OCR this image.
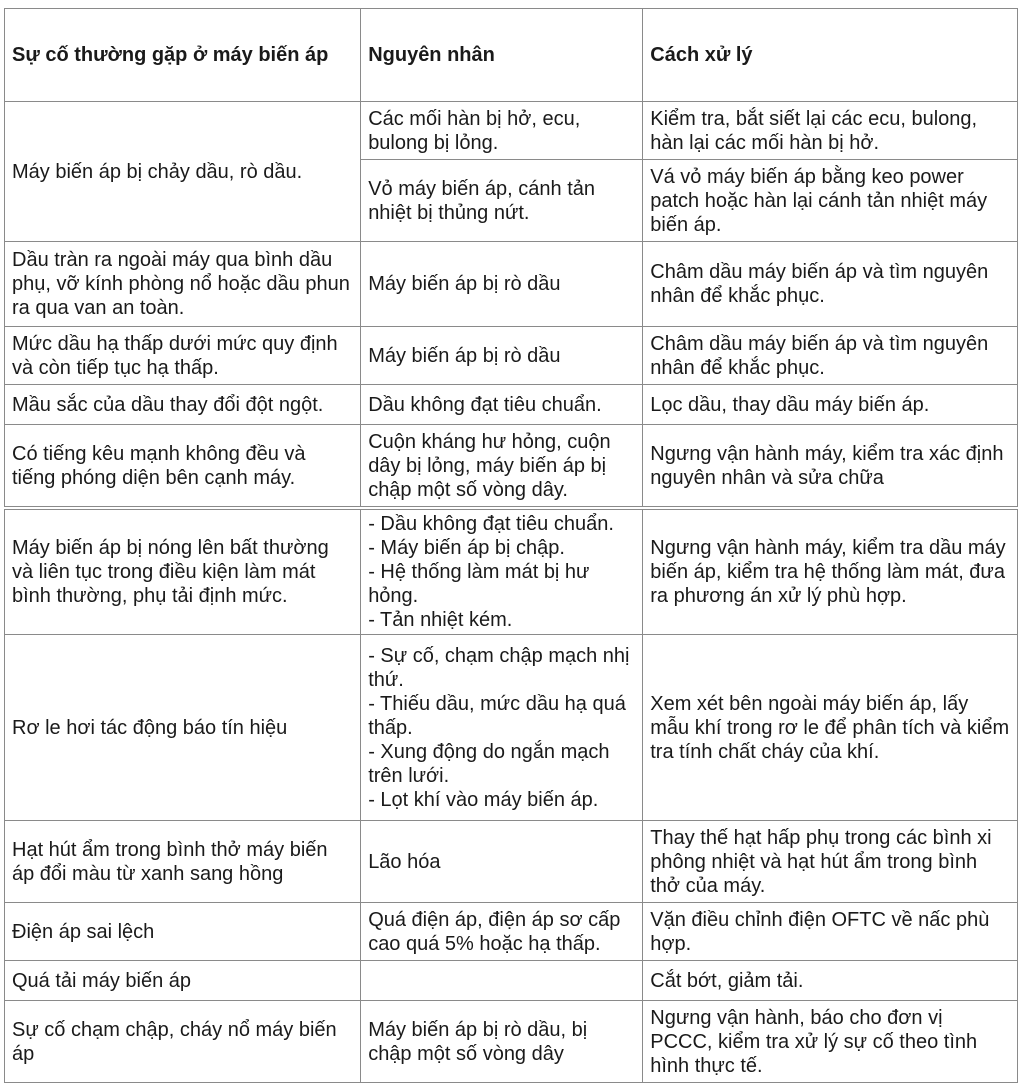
Sự cố thường gặp ở máy biến áp	Nguyên nhân	Cách xử lý
Máy biến áp bị chảy dầu, rò dầu.	Các mối hàn bị hở, ecu, bulong bị lỏng.	Kiểm tra, bắt siết lại các ecu, bulong, hàn lại các mối hàn bị hở.
	Vỏ máy biến áp, cánh tản nhiệt bị thủng nứt.	Vá vỏ máy biến áp bằng keo power patch hoặc hàn lại cánh tản nhiệt máy biến áp.
Dầu tràn ra ngoài máy qua bình dầu phụ, vỡ kính phòng nổ hoặc dầu phun ra qua van an toàn.	Máy biến áp bị rò dầu	Châm dầu máy biến áp và tìm nguyên nhân để khắc phục.
Mức dầu hạ thấp dưới mức quy định và còn tiếp tục hạ thấp.	Máy biến áp bị rò dầu	Châm dầu máy biến áp và tìm nguyên nhân để khắc phục.
Mầu sắc của dầu thay đổi đột ngột.	Dầu không đạt tiêu chuẩn.	Lọc dầu, thay dầu máy biến áp.
Có tiếng kêu mạnh không đều và tiếng phóng diện bên cạnh máy.	Cuộn kháng hư hỏng, cuộn dây bị lỏng, máy biến áp bị chập một số vòng dây.	Ngưng vận hành máy, kiểm tra xác định nguyên nhân và sửa chữa

Máy biến áp bị nóng lên bất thường và liên tục trong điều kiện làm mát bình thường, phụ tải định mức.	- Dầu không đạt tiêu chuẩn.
- Máy biến áp bị chập.
- Hệ thống làm mát bị hư hỏng.
- Tản nhiệt kém.	Ngưng vận hành máy, kiểm tra dầu máy biến áp, kiểm tra hệ thống làm mát, đưa ra phương án xử lý phù hợp.
Rơ le hơi tác động báo tín hiệu	- Sự cố, chạm chập mạch nhị thứ.
- Thiếu dầu, mức dầu hạ quá thấp.
- Xung động do ngắn mạch trên lưới.
- Lọt khí vào máy biến áp.	Xem xét bên ngoài máy biến áp, lấy mẫu khí trong rơ le để phân tích và kiểm tra tính chất cháy của khí.
Hạt hút ẩm trong bình thở máy biến áp đổi màu từ xanh sang hồng	Lão hóa	Thay thế hạt hấp phụ trong các bình xi phông nhiệt và hạt hút ẩm trong bình thở của máy.
Điện áp sai lệch	Quá điện áp, điện áp sơ cấp cao quá 5% hoặc hạ thấp.	Vặn điều chỉnh điện OFTC về nấc phù hợp.
Quá tải máy biến áp		Cắt bớt, giảm tải.
Sự cố chạm chập, cháy nổ máy biến áp	Máy biến áp bị rò dầu, bị chập một số vòng dây	Ngưng vận hành, báo cho đơn vị PCCC, kiểm tra xử lý sự cố theo tình hình thực tế.
